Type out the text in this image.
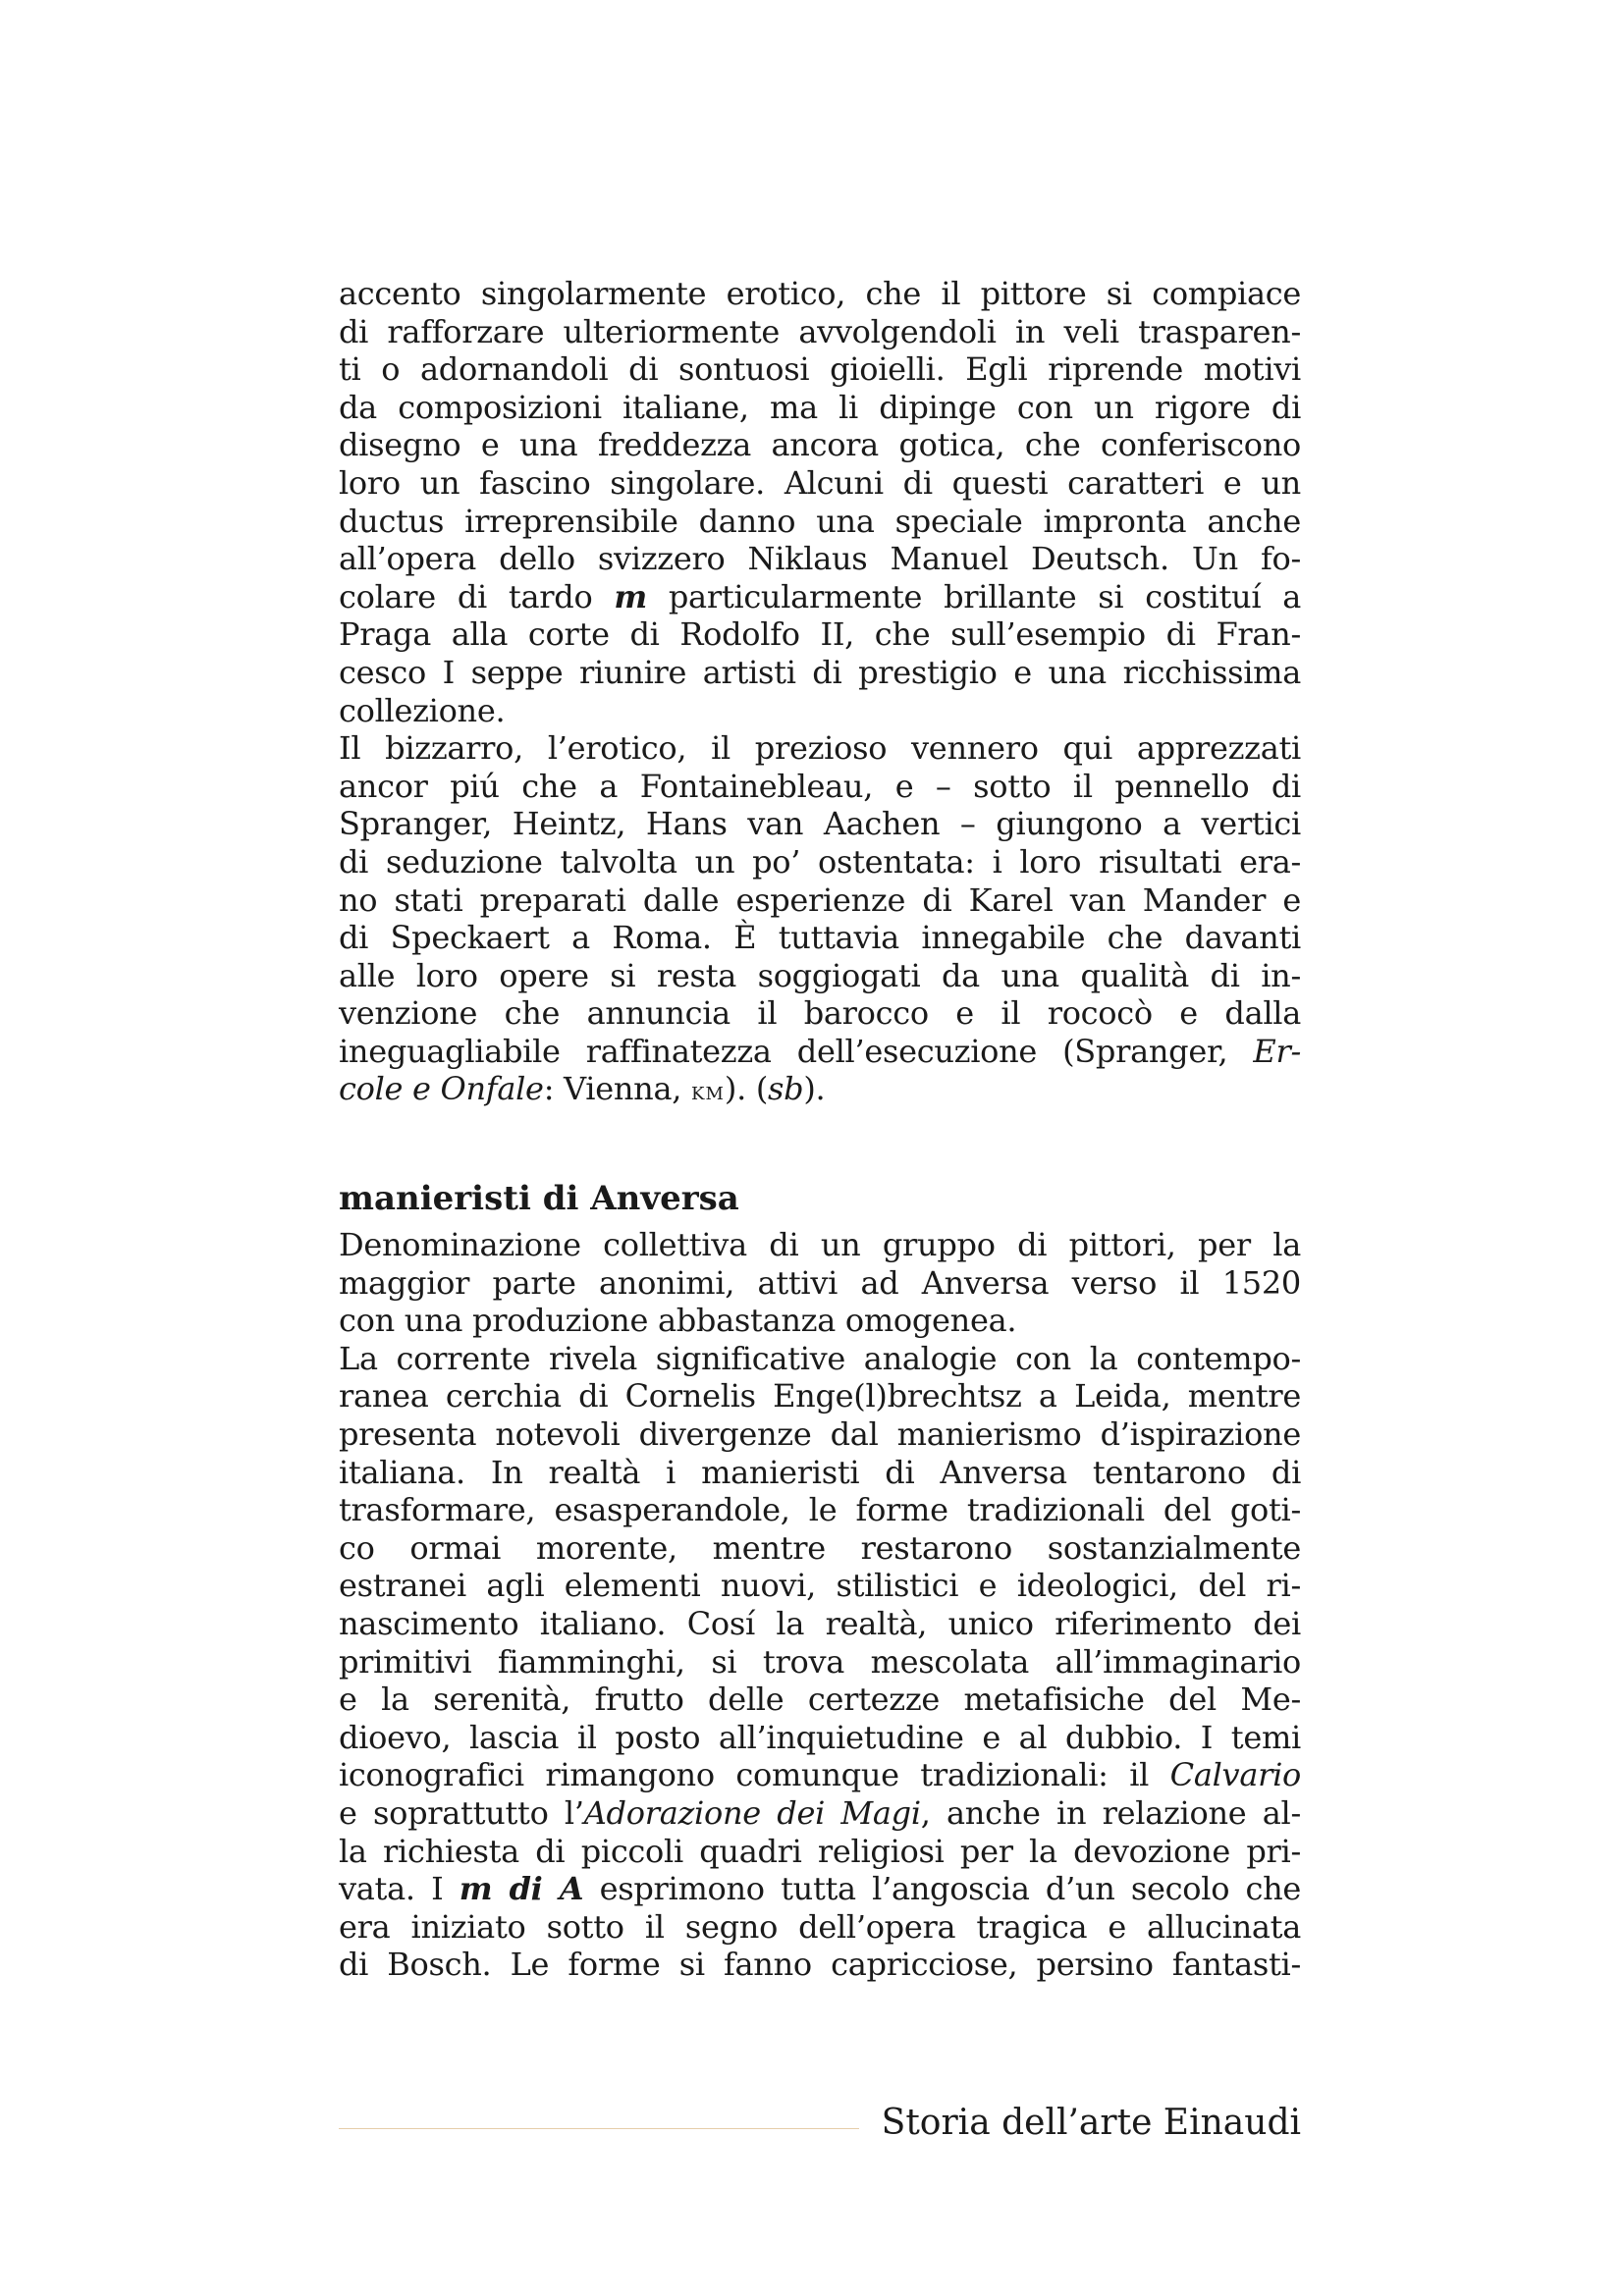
accento singolarmente erotico, che il pittore si compiace
di rafforzare ulteriormente avvolgendoli in veli trasparen-
ti o adornandoli di sontuosi gioielli. Egli riprende motivi
da composizioni italiane, ma li dipinge con un rigore di
disegno e una freddezza ancora gotica, che conferiscono
loro un fascino singolare. Alcuni di questi caratteri e un
ductus irreprensibile danno una speciale impronta anche
all’opera dello svizzero Niklaus Manuel Deutsch. Un fo-
colare di tardo m particularmente brillante si costituí a
Praga alla corte di Rodolfo II, che sull’esempio di Fran-
cesco I seppe riunire artisti di prestigio e una ricchissima
collezione.
Il bizzarro, l’erotico, il prezioso vennero qui apprezzati
ancor piú che a Fontainebleau, e – sotto il pennello di
Spranger, Heintz, Hans van Aachen – giungono a vertici
di seduzione talvolta un po’ ostentata: i loro risultati era-
no stati preparati dalle esperienze di Karel van Mander e
di Speckaert a Roma. È tuttavia innegabile che davanti
alle loro opere si resta soggiogati da una qualità di in-
venzione che annuncia il barocco e il rococò e dalla
ineguagliabile raffinatezza dell’esecuzione (Spranger, Er-
cole e Onfale: Vienna, km). (sb).
manieristi di Anversa
Denominazione collettiva di un gruppo di pittori, per la
maggior parte anonimi, attivi ad Anversa verso il 1520
con una produzione abbastanza omogenea.
La corrente rivela significative analogie con la contempo-
ranea cerchia di Cornelis Enge(l)brechtsz a Leida, mentre
presenta notevoli divergenze dal manierismo d’ispirazione
italiana. In realtà i manieristi di Anversa tentarono di
trasformare, esasperandole, le forme tradizionali del goti-
co ormai morente, mentre restarono sostanzialmente
estranei agli elementi nuovi, stilistici e ideologici, del ri-
nascimento italiano. Cosí la realtà, unico riferimento dei
primitivi fiamminghi, si trova mescolata all’immaginario
e la serenità, frutto delle certezze metafisiche del Me-
dioevo, lascia il posto all’inquietudine e al dubbio. I temi
iconografici rimangono comunque tradizionali: il Calvario
e soprattutto l’Adorazione dei Magi, anche in relazione al-
la richiesta di piccoli quadri religiosi per la devozione pri-
vata. I m di A esprimono tutta l’angoscia d’un secolo che
era iniziato sotto il segno dell’opera tragica e allucinata
di Bosch. Le forme si fanno capricciose, persino fantasti-
Storia dell’arte Einaudi
